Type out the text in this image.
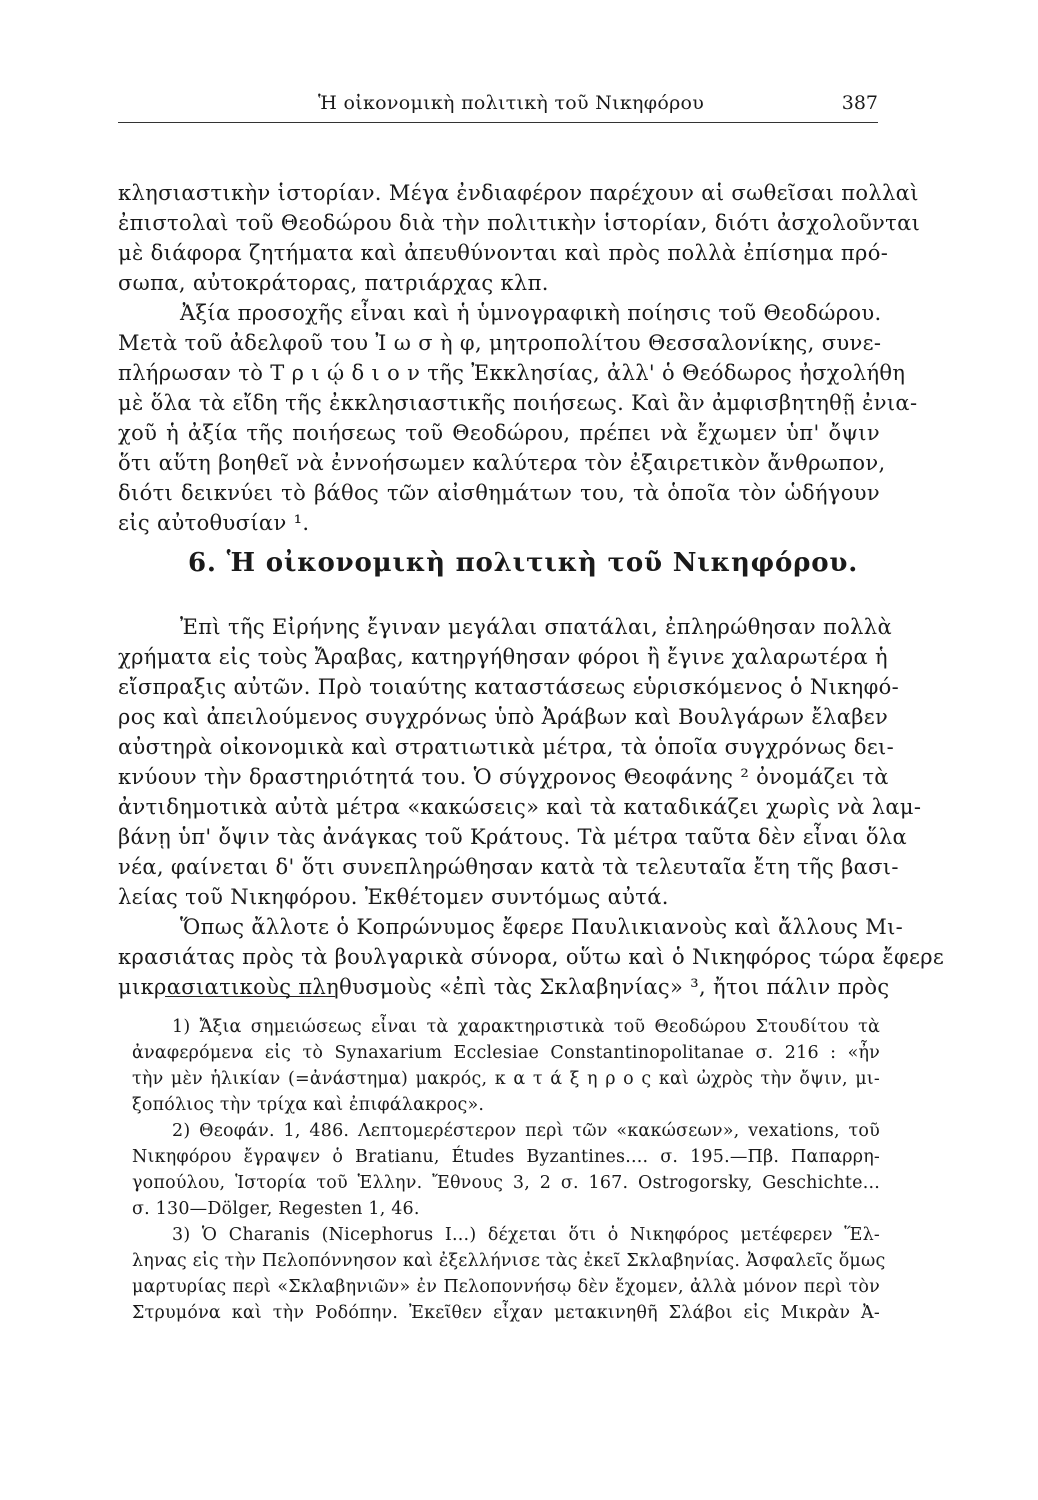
Ἡ οἰκονομικὴ πολιτικὴ τοῦ Νικηφόρου	387
κλησιαστικὴν ἱστορίαν. Μέγα ἐνδιαφέρον παρέχουν αἱ σωθεῖσαι πολλαὶ
ἐπιστολαὶ τοῦ Θεοδώρου διὰ τὴν πολιτικὴν ἱστορίαν, διότι ἀσχολοῦνται
μὲ διάφορα ζητήματα καὶ ἀπευθύνονται καὶ πρὸς πολλὰ ἐπίσημα πρό-
σωπα, αὐτοκράτορας, πατριάρχας κλπ.
Ἀξία προσοχῆς εἶναι καὶ ἡ ὑμνογραφικὴ ποίησις τοῦ Θεοδώρου.
Μετὰ τοῦ ἀδελφοῦ του Ἰ ω σ ὴ φ, μητροπολίτου Θεσσαλονίκης, συνε-
πλήρωσαν τὸ Τ ρ ι ῴ δ ι ο ν τῆς Ἐκκλησίας, ἀλλ' ὁ Θεόδωρος ἠσχολήθη
μὲ ὅλα τὰ εἴδη τῆς ἐκκλησιαστικῆς ποιήσεως. Καὶ ἂν ἀμφισβητηθῇ ἐνια-
χοῦ ἡ ἀξία τῆς ποιήσεως τοῦ Θεοδώρου, πρέπει νὰ ἔχωμεν ὑπ' ὄψιν
ὅτι αὕτη βοηθεῖ νὰ ἐννοήσωμεν καλύτερα τὸν ἐξαιρετικὸν ἄνθρωπον,
διότι δεικνύει τὸ βάθος τῶν αἰσθημάτων του, τὰ ὁποῖα τὸν ὡδήγουν
εἰς αὐτοθυσίαν ¹.
6. Ἡ οἰκονομικὴ πολιτικὴ τοῦ Νικηφόρου.
Ἐπὶ τῆς Εἰρήνης ἔγιναν μεγάλαι σπατάλαι, ἐπληρώθησαν πολλὰ
χρήματα εἰς τοὺς Ἄραβας, κατηργήθησαν φόροι ἢ ἔγινε χαλαρωτέρα ἡ
εἴσπραξις αὐτῶν. Πρὸ τοιαύτης καταστάσεως εὑρισκόμενος ὁ Νικηφό-
ρος καὶ ἀπειλούμενος συγχρόνως ὑπὸ Ἀράβων καὶ Βουλγάρων ἔλαβεν
αὐστηρὰ οἰκονομικὰ καὶ στρατιωτικὰ μέτρα, τὰ ὁποῖα συγχρόνως δει-
κνύουν τὴν δραστηριότητά του. Ὁ σύγχρονος Θεοφάνης ² ὀνομάζει τὰ
ἀντιδημοτικὰ αὐτὰ μέτρα «κακώσεις» καὶ τὰ καταδικάζει χωρὶς νὰ λαμ-
βάνῃ ὑπ' ὄψιν τὰς ἀνάγκας τοῦ Κράτους. Τὰ μέτρα ταῦτα δὲν εἶναι ὅλα
νέα, φαίνεται δ' ὅτι συνεπληρώθησαν κατὰ τὰ τελευταῖα ἔτη τῆς βασι-
λείας τοῦ Νικηφόρου. Ἐκθέτομεν συντόμως αὐτά.
Ὅπως ἄλλοτε ὁ Κοπρώνυμος ἔφερε Παυλικιανοὺς καὶ ἄλλους Μι-
κρασιάτας πρὸς τὰ βουλγαρικὰ σύνορα, οὕτω καὶ ὁ Νικηφόρος τώρα ἔφερε
μικρασιατικοὺς πληθυσμοὺς «ἐπὶ τὰς Σκλαβηνίας» ³, ἤτοι πάλιν πρὸς
1) Ἄξια σημειώσεως εἶναι τὰ χαρακτηριστικὰ τοῦ Θεοδώρου Στουδίτου τὰ
ἀναφερόμενα εἰς τὸ Synaxarium Ecclesiae Constantinopolitanae σ. 216 : «ἦν
τὴν μὲν ἡλικίαν (=ἀνάστημα) μακρός, κ α τ ά ξ η ρ ο ς καὶ ὠχρὸς τὴν ὄψιν, μι-
ξοπόλιος τὴν τρίχα καὶ ἐπιφάλακρος».
2) Θεοφάν. 1, 486. Λεπτομερέστερον περὶ τῶν «κακώσεων», vexations, τοῦ
Νικηφόρου ἔγραψεν ὁ Bratianu, Études Byzantines.... σ. 195.—Πβ. Παπαρρη-
γοπούλου, Ἱστορία τοῦ Ἑλλην. Ἔθνους 3, 2 σ. 167. Ostrogorsky, Geschichte...
σ. 130—Dölger, Regesten 1, 46.
3) Ὁ Charanis (Nicephorus I...) δέχεται ὅτι ὁ Νικηφόρος μετέφερεν Ἕλ-
ληνας εἰς τὴν Πελοπόννησον καὶ ἐξελλήνισε τὰς ἐκεῖ Σκλαβηνίας. Ἀσφαλεῖς ὅμως
μαρτυρίας περὶ «Σκλαβηνιῶν» ἐν Πελοποννήσῳ δὲν ἔχομεν, ἀλλὰ μόνον περὶ τὸν
Στρυμόνα καὶ τὴν Ροδόπην. Ἐκεῖθεν εἶχαν μετακινηθῆ Σλάβοι εἰς Μικρὰν Ἀ-
